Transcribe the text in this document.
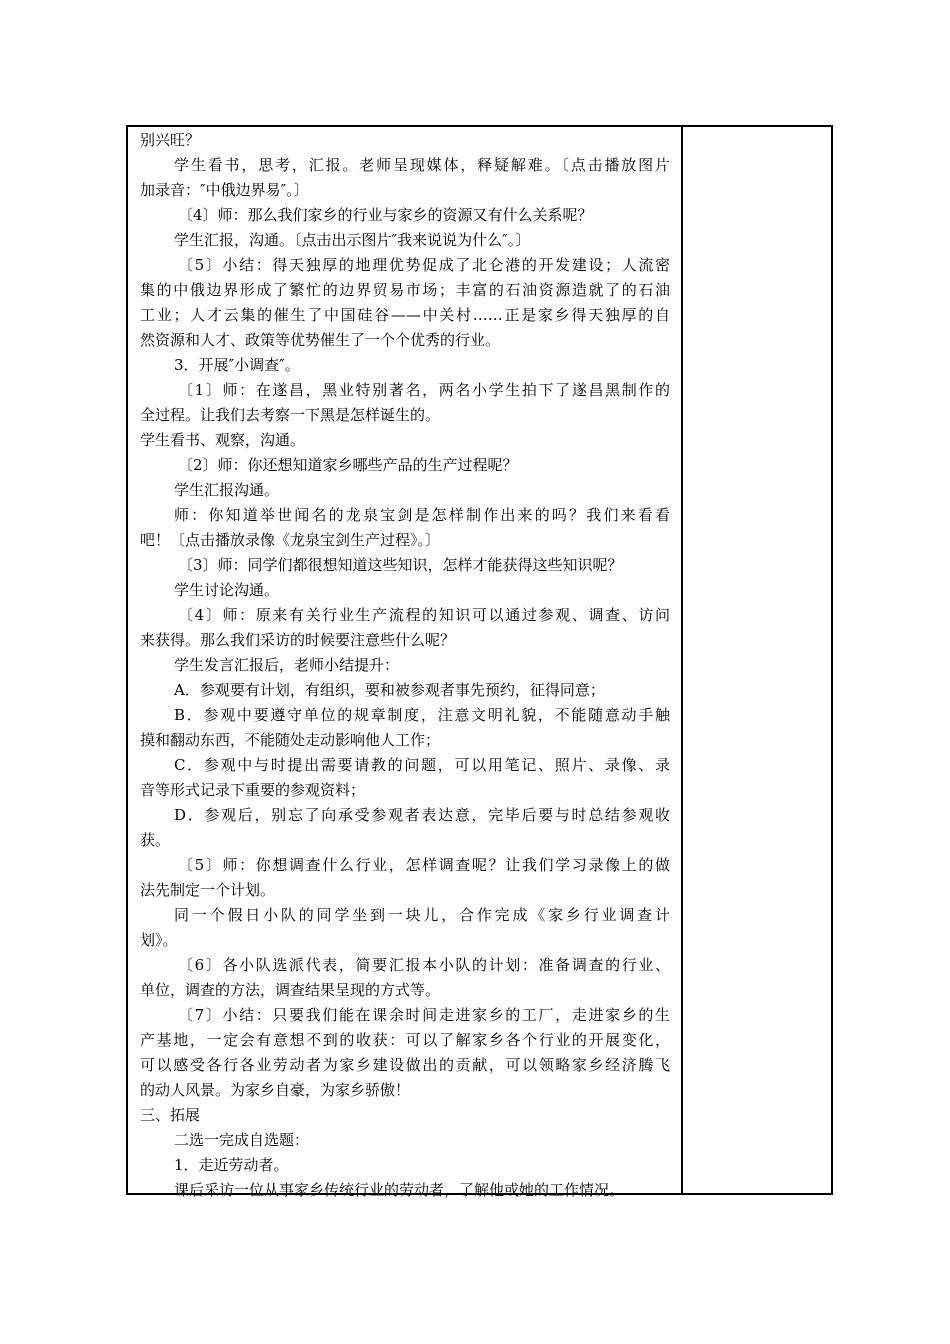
别兴旺？
学生看书，思考，汇报。老师呈现媒体，释疑解难。〔点击播放图片
加录音：″中俄边界易″。〕
〔4〕师：那么我们家乡的行业与家乡的资源又有什么关系呢？
学生汇报，沟通。〔点击出示图片″我来说说为什么″。〕
〔5〕小结：得天独厚的地理优势促成了北仑港的开发建设；人流密
集的中俄边界形成了繁忙的边界贸易市场；丰富的石油资源造就了的石油
工业；人才云集的催生了中国硅谷——中关村……正是家乡得天独厚的自
然资源和人才、政策等优势催生了一个个优秀的行业。
3．开展″小调查″。
〔1〕师：在遂昌，黑业特别著名，两名小学生拍下了遂昌黑制作的
全过程。让我们去考察一下黑是怎样诞生的。
学生看书、观察，沟通。
〔2〕师：你还想知道家乡哪些产品的生产过程呢？
学生汇报沟通。
师：你知道举世闻名的龙泉宝剑是怎样制作出来的吗？我们来看看
吧！〔点击播放录像《龙泉宝剑生产过程》。〕
〔3〕师：同学们都很想知道这些知识，怎样才能获得这些知识呢？
学生讨论沟通。
〔4〕师：原来有关行业生产流程的知识可以通过参观、调查、访问
来获得。那么我们采访的时候要注意些什么呢？
学生发言汇报后，老师小结提升：
A．参观要有计划，有组织，要和被参观者事先预约，征得同意；
B．参观中要遵守单位的规章制度，注意文明礼貌，不能随意动手触
摸和翻动东西，不能随处走动影响他人工作；
C．参观中与时提出需要请教的问题，可以用笔记、照片、录像、录
音等形式记录下重要的参观资料；
D．参观后，别忘了向承受参观者表达意，完毕后要与时总结参观收
获。
〔5〕师：你想调查什么行业，怎样调查呢？让我们学习录像上的做
法先制定一个计划。
同一个假日小队的同学坐到一块儿，合作完成《家乡行业调查计
划》。
〔6〕各小队选派代表，简要汇报本小队的计划：准备调查的行业、
单位，调查的方法，调查结果呈现的方式等。
〔7〕小结：只要我们能在课余时间走进家乡的工厂，走进家乡的生
产基地，一定会有意想不到的收获：可以了解家乡各个行业的开展变化，
可以感受各行各业劳动者为家乡建设做出的贡献，可以领略家乡经济腾飞
的动人风景。为家乡自豪，为家乡骄傲！
三、拓展
二选一完成自选题：
1．走近劳动者。
课后采访一位从事家乡传统行业的劳动者，了解他或她的工作情况。
